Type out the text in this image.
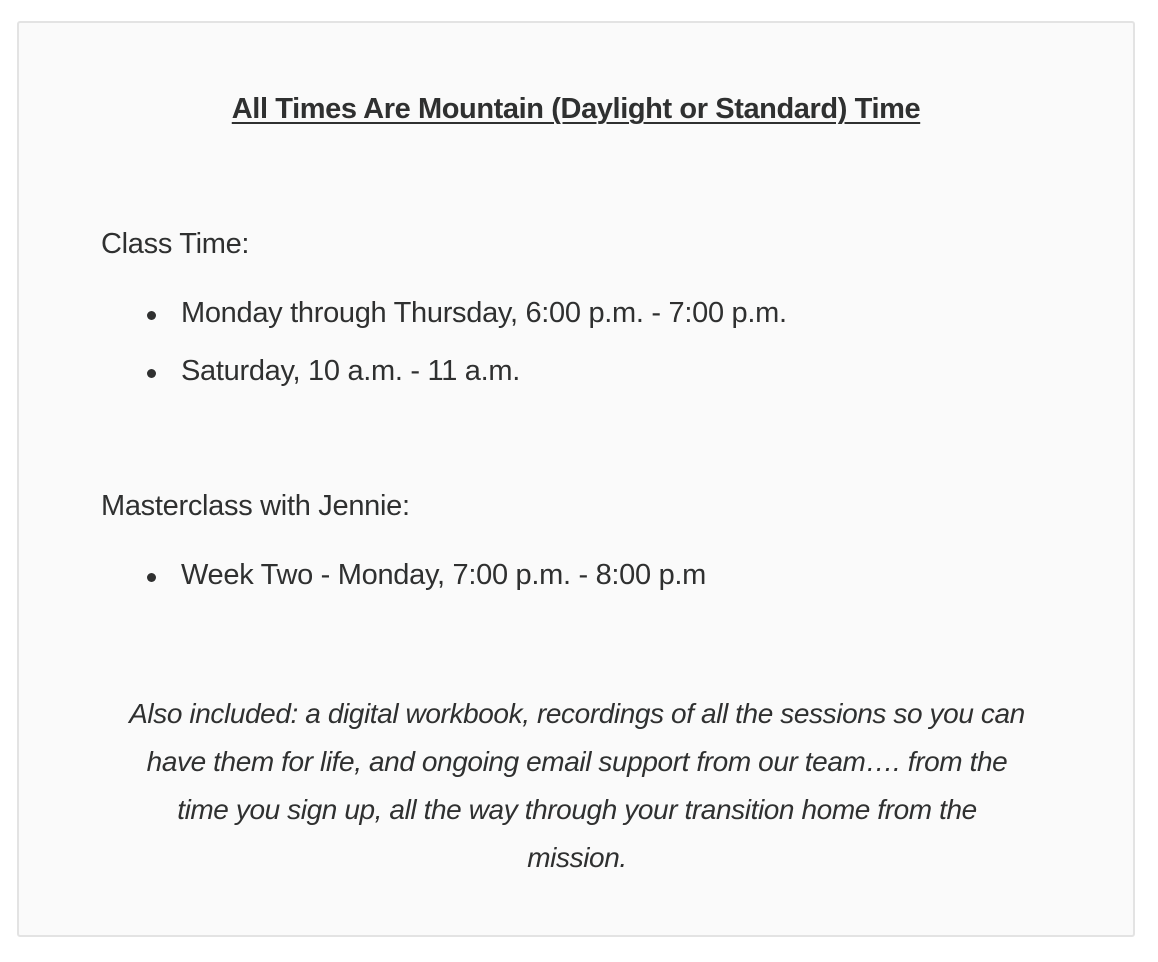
All Times Are Mountain (Daylight or Standard) Time

Class Time:

Monday through Thursday, 6:00 p.m. - 7:00 p.m.
Saturday, 10 a.m. - 11 a.m.

Masterclass with Jennie:

Week Two - Monday, 7:00 p.m. - 8:00 p.m

Also included: a digital workbook, recordings of all the sessions so you can
have them for life, and ongoing email support from our team…. from the
time you sign up, all the way through your transition home from the
mission.
